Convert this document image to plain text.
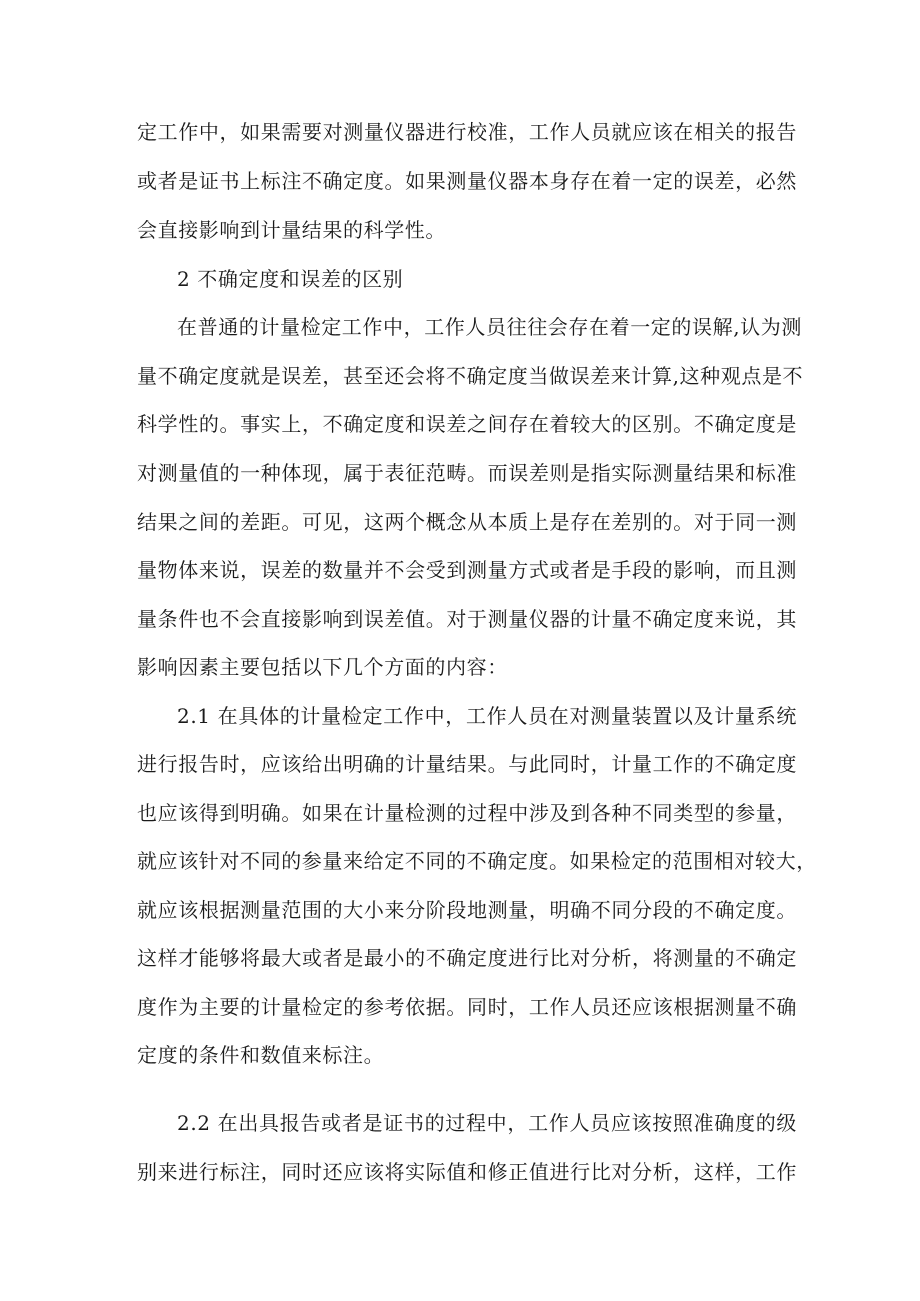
定工作中，如果需要对测量仪器进行校准，工作人员就应该在相关的报告

或者是证书上标注不确定度。如果测量仪器本身存在着一定的误差，必然

会直接影响到计量结果的科学性。

2 不确定度和误差的区别

在普通的计量检定工作中，工作人员往往会存在着一定的误解,认为测

量不确定度就是误差，甚至还会将不确定度当做误差来计算,这种观点是不

科学性的。事实上，不确定度和误差之间存在着较大的区别。不确定度是

对测量值的一种体现，属于表征范畴。而误差则是指实际测量结果和标准

结果之间的差距。可见，这两个概念从本质上是存在差别的。对于同一测

量物体来说，误差的数量并不会受到测量方式或者是手段的影响，而且测

量条件也不会直接影响到误差值。对于测量仪器的计量不确定度来说，其

影响因素主要包括以下几个方面的内容：

2.1 在具体的计量检定工作中，工作人员在对测量装置以及计量系统

进行报告时，应该给出明确的计量结果。与此同时，计量工作的不确定度

也应该得到明确。如果在计量检测的过程中涉及到各种不同类型的参量，

就应该针对不同的参量来给定不同的不确定度。如果检定的范围相对较大，

就应该根据测量范围的大小来分阶段地测量，明确不同分段的不确定度。

这样才能够将最大或者是最小的不确定度进行比对分析，将测量的不确定

度作为主要的计量检定的参考依据。同时，工作人员还应该根据测量不确

定度的条件和数值来标注。

2.2 在出具报告或者是证书的过程中，工作人员应该按照准确度的级

别来进行标注，同时还应该将实际值和修正值进行比对分析，这样，工作
